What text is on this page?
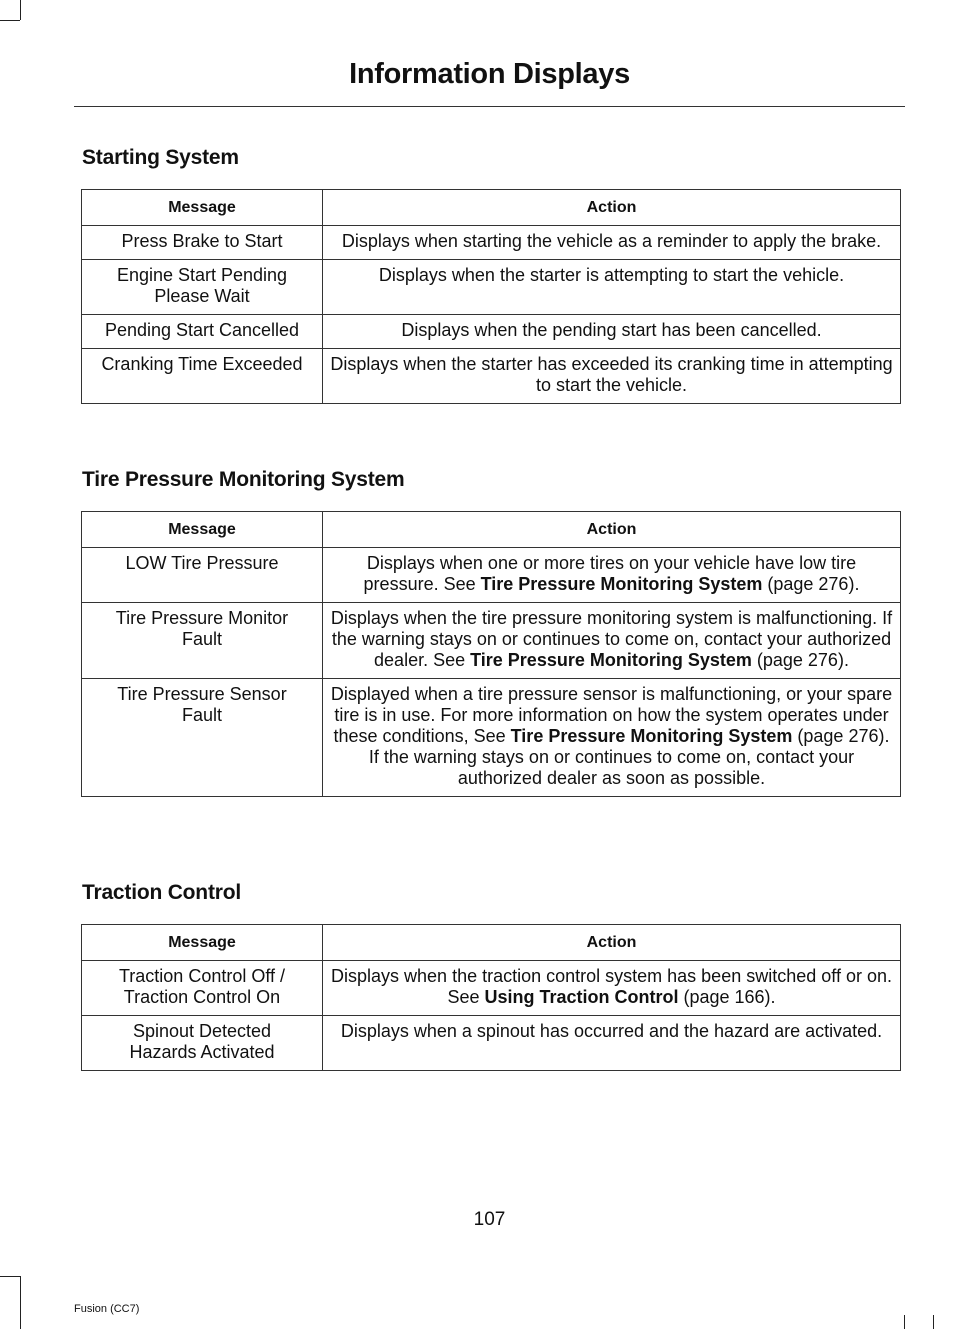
Information Displays
Starting System
Message	Action

Press Brake to Start	Displays when starting the vehicle as a reminder to apply the brake.

Engine Start Pending
Please Wait	Displays when the starter is attempting to start the vehicle.

Pending Start Cancelled	Displays when the pending start has been cancelled.

Cranking Time Exceeded	Displays when the starter has exceeded its cranking time in attempting to start the vehicle.
Tire Pressure Monitoring System
Message	Action

LOW Tire Pressure	Displays when one or more tires on your vehicle have low tire pressure. See Tire Pressure Monitoring System (page 276).

Tire Pressure Monitor
Fault	Displays when the tire pressure monitoring system is malfunctioning. If the warning stays on or continues to come on, contact your authorized dealer. See Tire Pressure Monitoring System (page 276).

Tire Pressure Sensor
Fault	Displayed when a tire pressure sensor is malfunctioning, or your spare tire is in use. For more information on how the system operates under these conditions, See Tire Pressure Monitoring System (page 276). If the warning stays on or continues to come on, contact your authorized dealer as soon as possible.
Traction Control
Message	Action

Traction Control Off /
Traction Control On	Displays when the traction control system has been switched off or on. See Using Traction Control (page 166).

Spinout Detected
Hazards Activated	Displays when a spinout has occurred and the hazard are activated.
107
Fusion (CC7)
